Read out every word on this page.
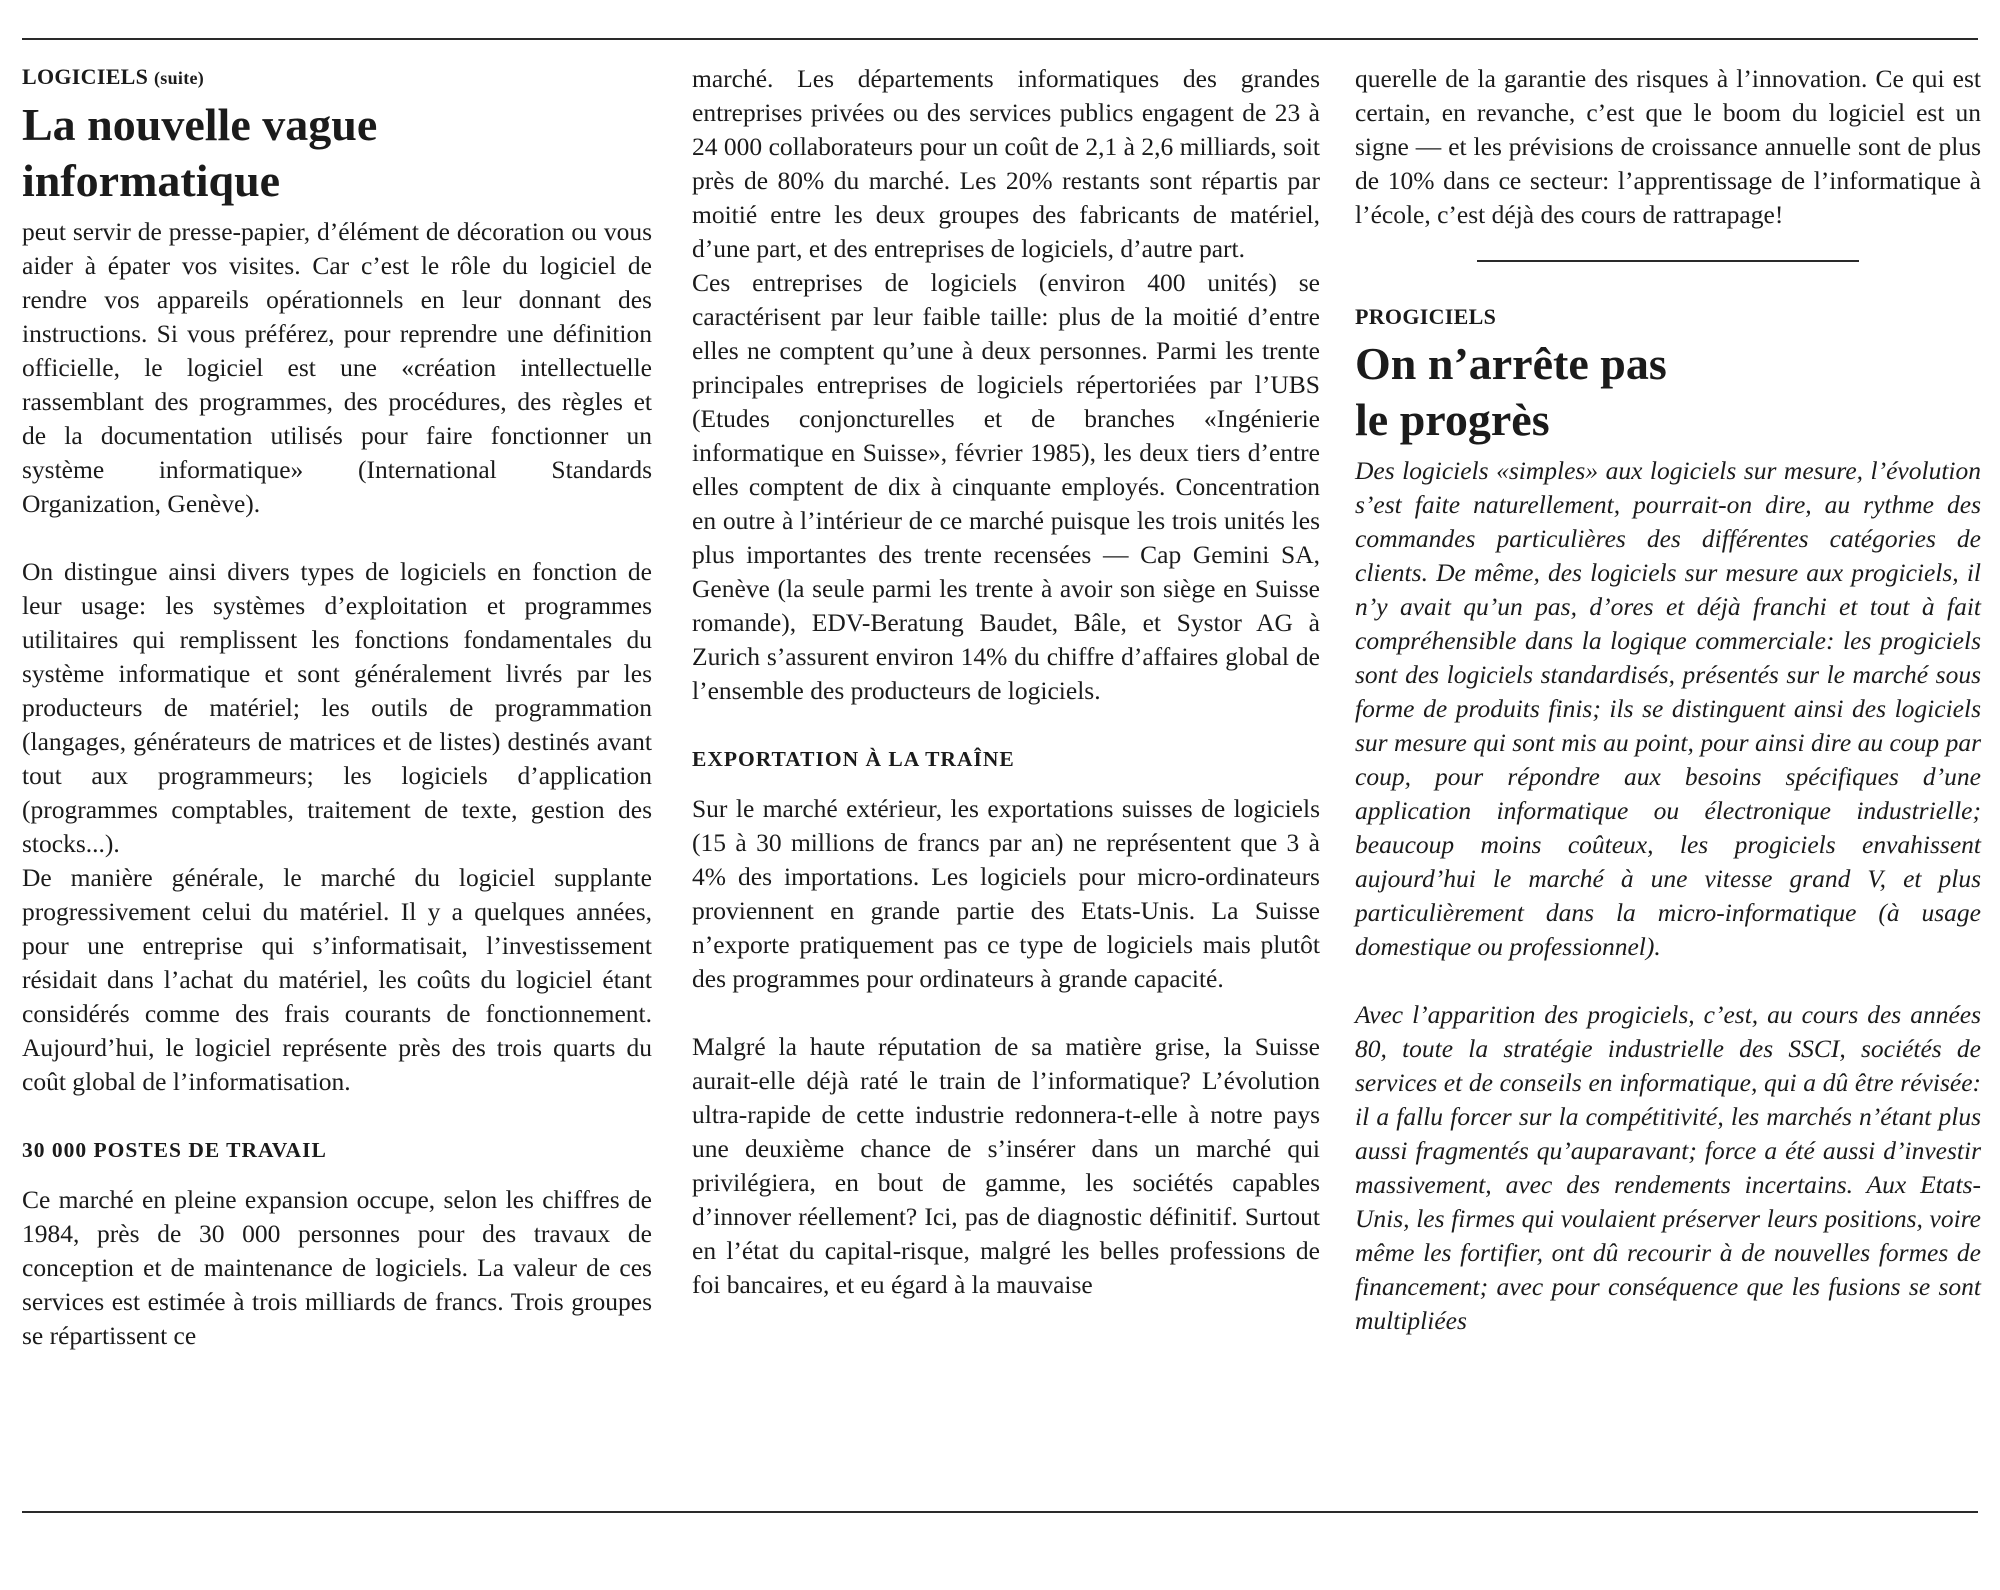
LOGICIELS (suite)

La nouvelle vague
informatique

peut servir de presse-papier, d’élément de décoration ou vous aider à épater vos visites. Car c’est le rôle du logiciel de rendre vos appareils opérationnels en leur donnant des instructions. Si vous préférez, pour reprendre une définition officielle, le logiciel est une «création intellectuelle rassemblant des programmes, des procédures, des règles et de la documentation utilisés pour faire fonctionner un système informatique» (International Standards Organization, Genève).

On distingue ainsi divers types de logiciels en fonction de leur usage: les systèmes d’exploitation et programmes utilitaires qui remplissent les fonctions fondamentales du système informatique et sont généralement livrés par les producteurs de matériel; les outils de programmation (langages, générateurs de matrices et de listes) destinés avant tout aux programmeurs; les logiciels d’application (programmes comptables, traitement de texte, gestion des stocks...).

De manière générale, le marché du logiciel supplante progressivement celui du matériel. Il y a quelques années, pour une entreprise qui s’informatisait, l’investissement résidait dans l’achat du matériel, les coûts du logiciel étant considérés comme des frais courants de fonctionnement. Aujourd’hui, le logiciel représente près des trois quarts du coût global de l’informatisation.

30 000 POSTES DE TRAVAIL

Ce marché en pleine expansion occupe, selon les chiffres de 1984, près de 30 000 personnes pour des travaux de conception et de maintenance de logiciels. La valeur de ces services est estimée à trois milliards de francs. Trois groupes se répartissent ce

marché. Les départements informatiques des grandes entreprises privées ou des services publics engagent de 23 à 24 000 collaborateurs pour un coût de 2,1 à 2,6 milliards, soit près de 80% du marché. Les 20% restants sont répartis par moitié entre les deux groupes des fabricants de matériel, d’une part, et des entreprises de logiciels, d’autre part.

Ces entreprises de logiciels (environ 400 unités) se caractérisent par leur faible taille: plus de la moitié d’entre elles ne comptent qu’une à deux personnes. Parmi les trente principales entreprises de logiciels répertoriées par l’UBS (Etudes conjoncturelles et de branches «Ingénierie informatique en Suisse», février 1985), les deux tiers d’entre elles comptent de dix à cinquante employés. Concentration en outre à l’intérieur de ce marché puisque les trois unités les plus importantes des trente recensées — Cap Gemini SA, Genève (la seule parmi les trente à avoir son siège en Suisse romande), EDV-Beratung Baudet, Bâle, et Systor AG à Zurich s’assurent environ 14% du chiffre d’affaires global de l’ensemble des producteurs de logiciels.

EXPORTATION À LA TRAÎNE

Sur le marché extérieur, les exportations suisses de logiciels (15 à 30 millions de francs par an) ne représentent que 3 à 4% des importations. Les logiciels pour micro-ordinateurs proviennent en grande partie des Etats-Unis. La Suisse n’exporte pratiquement pas ce type de logiciels mais plutôt des programmes pour ordinateurs à grande capacité.

Malgré la haute réputation de sa matière grise, la Suisse aurait-elle déjà raté le train de l’informatique? L’évolution ultra-rapide de cette industrie redonnera-t-elle à notre pays une deuxième chance de s’insérer dans un marché qui privilégiera, en bout de gamme, les sociétés capables d’innover réellement? Ici, pas de diagnostic définitif. Surtout en l’état du capital-risque, malgré les belles professions de foi bancaires, et eu égard à la mauvaise

querelle de la garantie des risques à l’innovation. Ce qui est certain, en revanche, c’est que le boom du logiciel est un signe — et les prévisions de croissance annuelle sont de plus de 10% dans ce secteur: l’apprentissage de l’informatique à l’école, c’est déjà des cours de rattrapage!

PROGICIELS

On n’arrête pas
le progrès

Des logiciels «simples» aux logiciels sur mesure, l’évolution s’est faite naturellement, pourrait-on dire, au rythme des commandes particulières des différentes catégories de clients. De même, des logiciels sur mesure aux progiciels, il n’y avait qu’un pas, d’ores et déjà franchi et tout à fait compréhensible dans la logique commerciale: les progiciels sont des logiciels standardisés, présentés sur le marché sous forme de produits finis; ils se distinguent ainsi des logiciels sur mesure qui sont mis au point, pour ainsi dire au coup par coup, pour répondre aux besoins spécifiques d’une application informatique ou électronique industrielle; beaucoup moins coûteux, les progiciels envahissent aujourd’hui le marché à une vitesse grand V, et plus particulièrement dans la micro-informatique (à usage domestique ou professionnel).

Avec l’apparition des progiciels, c’est, au cours des années 80, toute la stratégie industrielle des SSCI, sociétés de services et de conseils en informatique, qui a dû être révisée: il a fallu forcer sur la compétitivité, les marchés n’étant plus aussi fragmentés qu’auparavant; force a été aussi d’investir massivement, avec des rendements incertains. Aux Etats-Unis, les firmes qui voulaient préserver leurs positions, voire même les fortifier, ont dû recourir à de nouvelles formes de financement; avec pour conséquence que les fusions se sont multipliées
